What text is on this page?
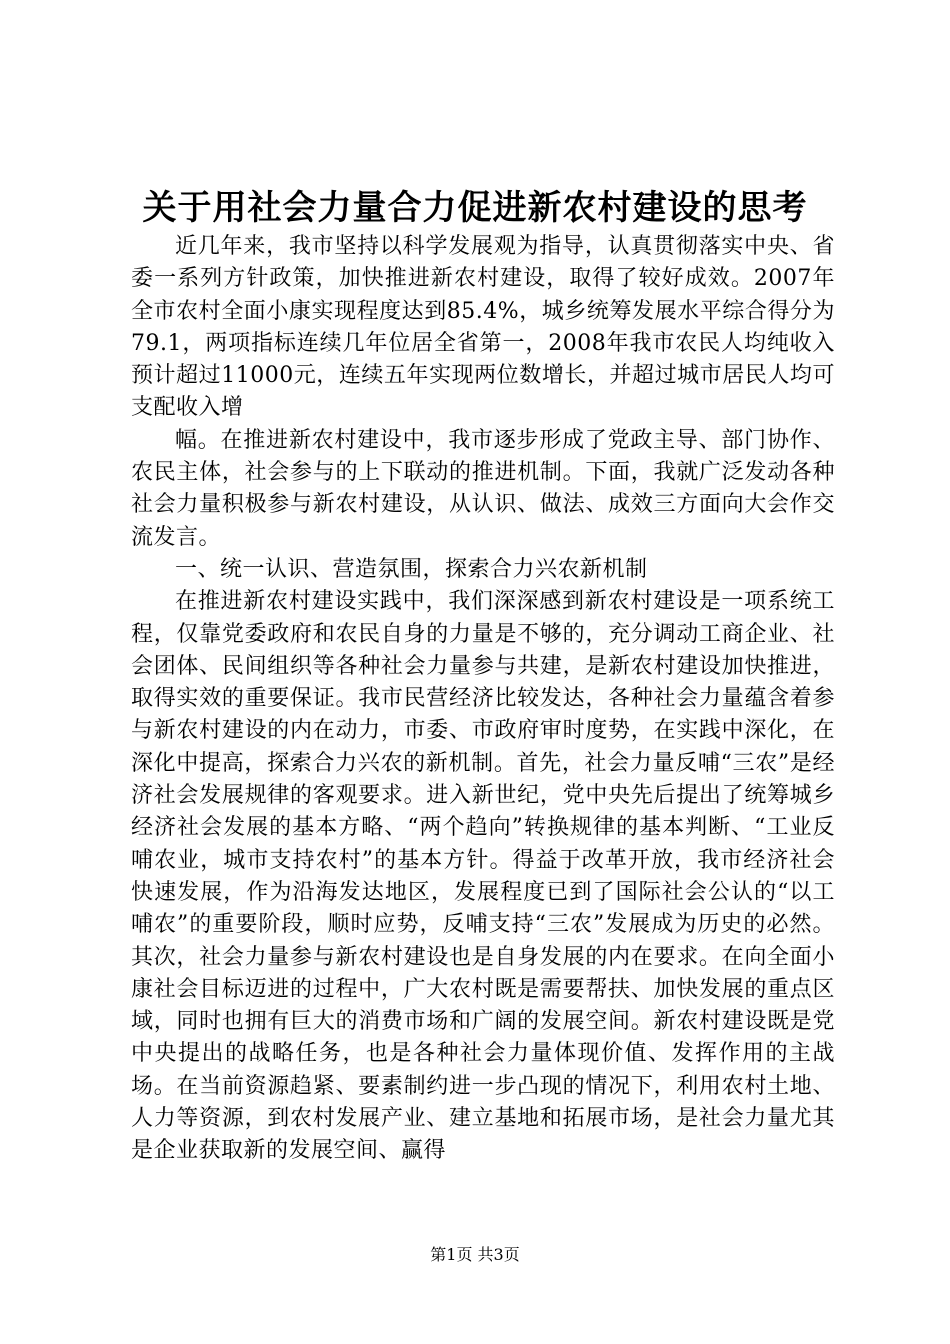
关于用社会力量合力促进新农村建设的思考

近几年来，我市坚持以科学发展观为指导，认真贯彻落实中央、省委一系列方针政策，加快推进新农村建设，取得了较好成效。2007年全市农村全面小康实现程度达到85.4%，城乡统筹发展水平综合得分为79.1，两项指标连续几年位居全省第一，2008年我市农民人均纯收入预计超过11000元，连续五年实现两位数增长，并超过城市居民人均可支配收入增

幅。在推进新农村建设中，我市逐步形成了党政主导、部门协作、农民主体，社会参与的上下联动的推进机制。下面，我就广泛发动各种社会力量积极参与新农村建设，从认识、做法、成效三方面向大会作交流发言。

一、统一认识、营造氛围，探索合力兴农新机制

在推进新农村建设实践中，我们深深感到新农村建设是一项系统工程，仅靠党委政府和农民自身的力量是不够的，充分调动工商企业、社会团体、民间组织等各种社会力量参与共建，是新农村建设加快推进，取得实效的重要保证。我市民营经济比较发达，各种社会力量蕴含着参与新农村建设的内在动力，市委、市政府审时度势，在实践中深化，在深化中提高，探索合力兴农的新机制。首先，社会力量反哺“三农”是经济社会发展规律的客观要求。进入新世纪，党中央先后提出了统筹城乡经济社会发展的基本方略、“两个趋向”转换规律的基本判断、“工业反哺农业，城市支持农村”的基本方针。得益于改革开放，我市经济社会快速发展，作为沿海发达地区，发展程度已到了国际社会公认的“以工哺农”的重要阶段，顺时应势，反哺支持“三农”发展成为历史的必然。其次，社会力量参与新农村建设也是自身发展的内在要求。在向全面小康社会目标迈进的过程中，广大农村既是需要帮扶、加快发展的重点区域，同时也拥有巨大的消费市场和广阔的发展空间。新农村建设既是党中央提出的战略任务，也是各种社会力量体现价值、发挥作用的主战场。在当前资源趋紧、要素制约进一步凸现的情况下，利用农村土地、人力等资源，到农村发展产业、建立基地和拓展市场，是社会力量尤其是企业获取新的发展空间、赢得

第1页 共3页
